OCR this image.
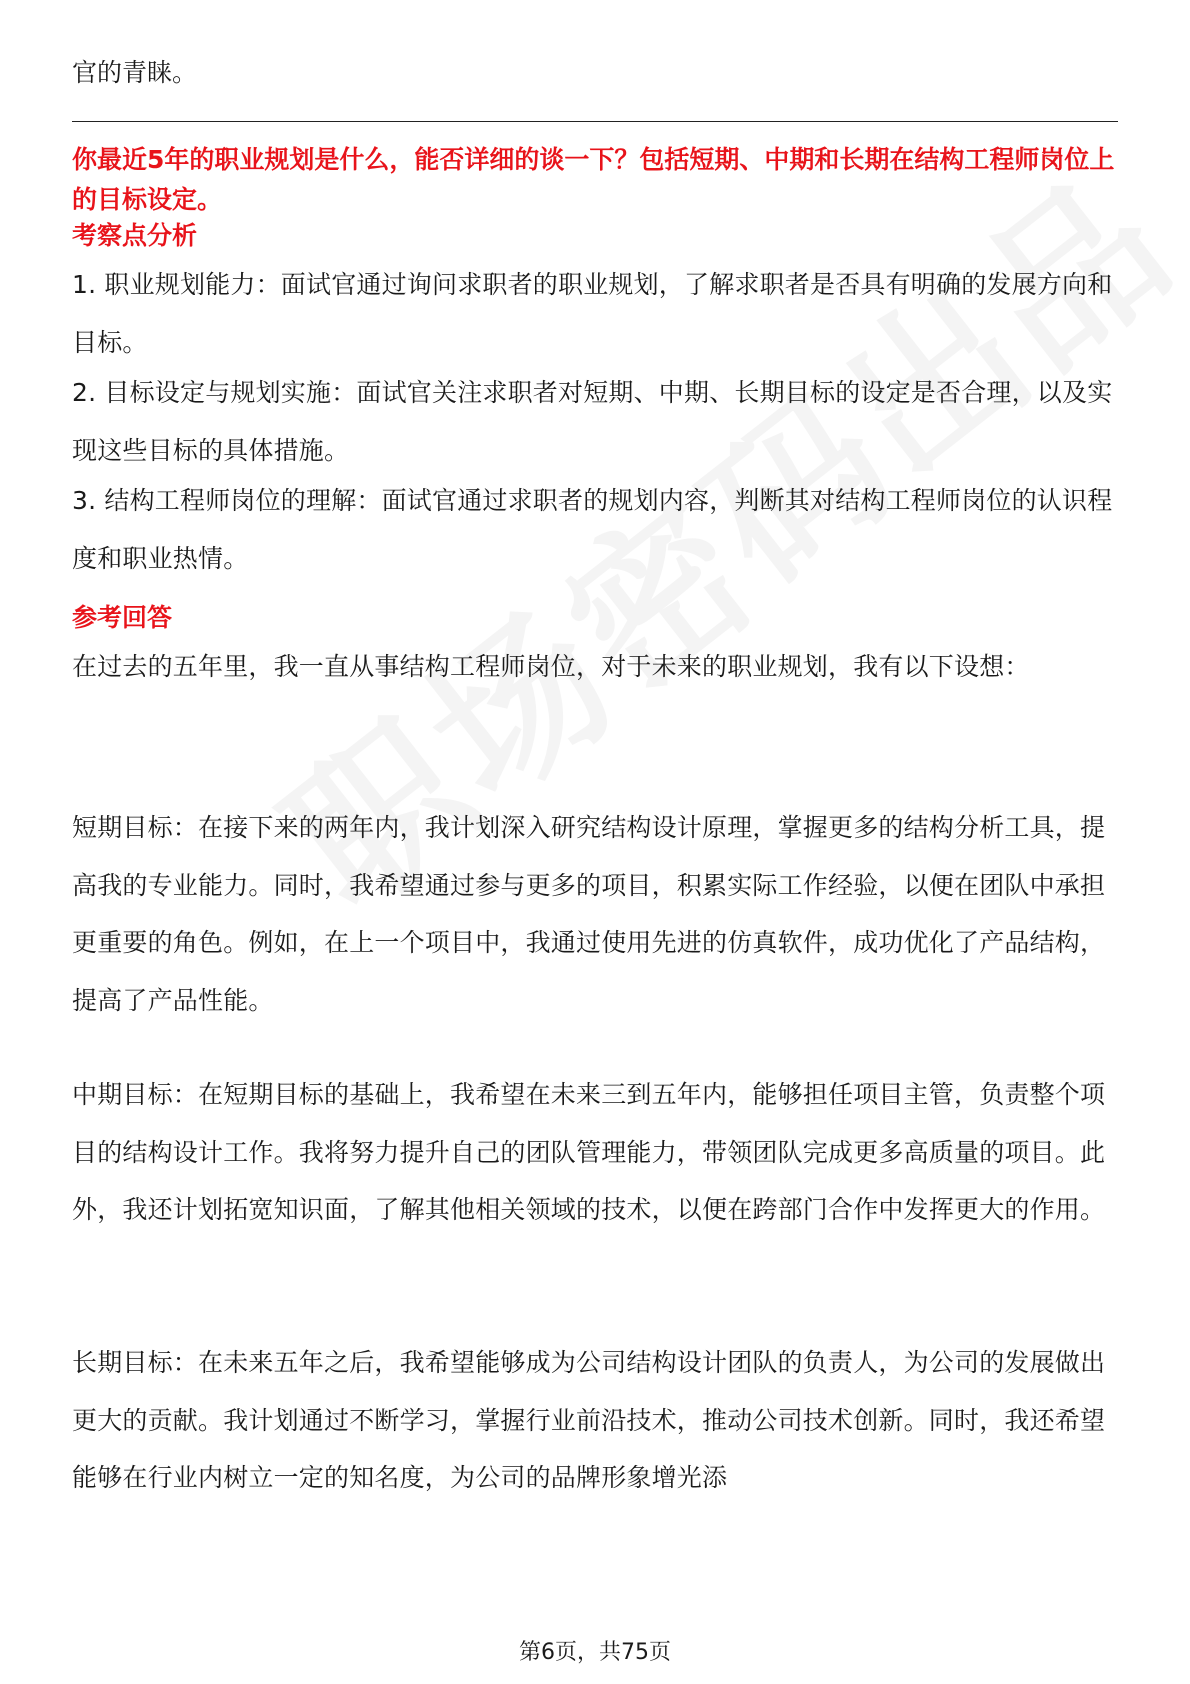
官的青睐。

你最近5年的职业规划是什么，能否详细的谈一下？包括短期、中期和长期在结构工程师岗位上的目标设定。

考察点分析

1. 职业规划能力：面试官通过询问求职者的职业规划，了解求职者是否具有明确的发展方向和目标。

2. 目标设定与规划实施：面试官关注求职者对短期、中期、长期目标的设定是否合理，以及实现这些目标的具体措施。

3. 结构工程师岗位的理解：面试官通过求职者的规划内容，判断其对结构工程师岗位的认识程度和职业热情。

参考回答

在过去的五年里，我一直从事结构工程师岗位，对于未来的职业规划，我有以下设想：

短期目标：在接下来的两年内，我计划深入研究结构设计原理，掌握更多的结构分析工具，提高我的专业能力。同时，我希望通过参与更多的项目，积累实际工作经验，以便在团队中承担更重要的角色。例如，在上一个项目中，我通过使用先进的仿真软件，成功优化了产品结构，提高了产品性能。

中期目标：在短期目标的基础上，我希望在未来三到五年内，能够担任项目主管，负责整个项目的结构设计工作。我将努力提升自己的团队管理能力，带领团队完成更多高质量的项目。此外，我还计划拓宽知识面，了解其他相关领域的技术，以便在跨部门合作中发挥更大的作用。

长期目标：在未来五年之后，我希望能够成为公司结构设计团队的负责人，为公司的发展做出更大的贡献。我计划通过不断学习，掌握行业前沿技术，推动公司技术创新。同时，我还希望能够在行业内树立一定的知名度，为公司的品牌形象增光添

第6页，共75页
